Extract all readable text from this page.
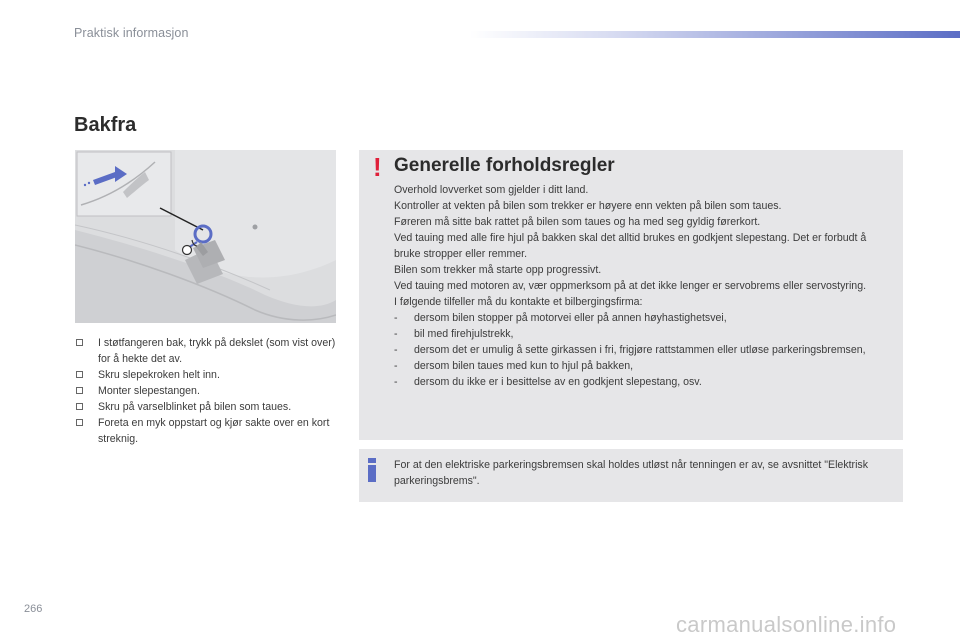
Praktisk informasjon
Bakfra
I støtfangeren bak, trykk på dekslet (som vist over) for å hekte det av.
Skru slepekroken helt inn.
Monter slepestangen.
Skru på varselblinket på bilen som taues.
Foreta en myk oppstart og kjør sakte over en kort streknig.
! Generelle forholdsregler
Overhold lovverket som gjelder i ditt land.
Kontroller at vekten på bilen som trekker er høyere enn vekten på bilen som taues.
Føreren må sitte bak rattet på bilen som taues og ha med seg gyldig førerkort.
Ved tauing med alle fire hjul på bakken skal det alltid brukes en godkjent slepestang. Det er forbudt å bruke stropper eller remmer.
Bilen som trekker må starte opp progressivt.
Ved tauing med motoren av, vær oppmerksom på at det ikke lenger er servobrems eller servostyring.
I følgende tilfeller må du kontakte et bilbergingsfirma:
- dersom bilen stopper på motorvei eller på annen høyhastighetsvei,
- bil med firehjulstrekk,
- dersom det er umulig å sette girkassen i fri, frigjøre rattstammen eller utløse parkeringsbremsen,
- dersom bilen taues med kun to hjul på bakken,
- dersom du ikke er i besittelse av en godkjent slepestang, osv.
For at den elektriske parkeringsbremsen skal holdes utløst når tenningen er av, se avsnittet "Elektrisk parkeringsbrems".
266
carmanualsonline.info
